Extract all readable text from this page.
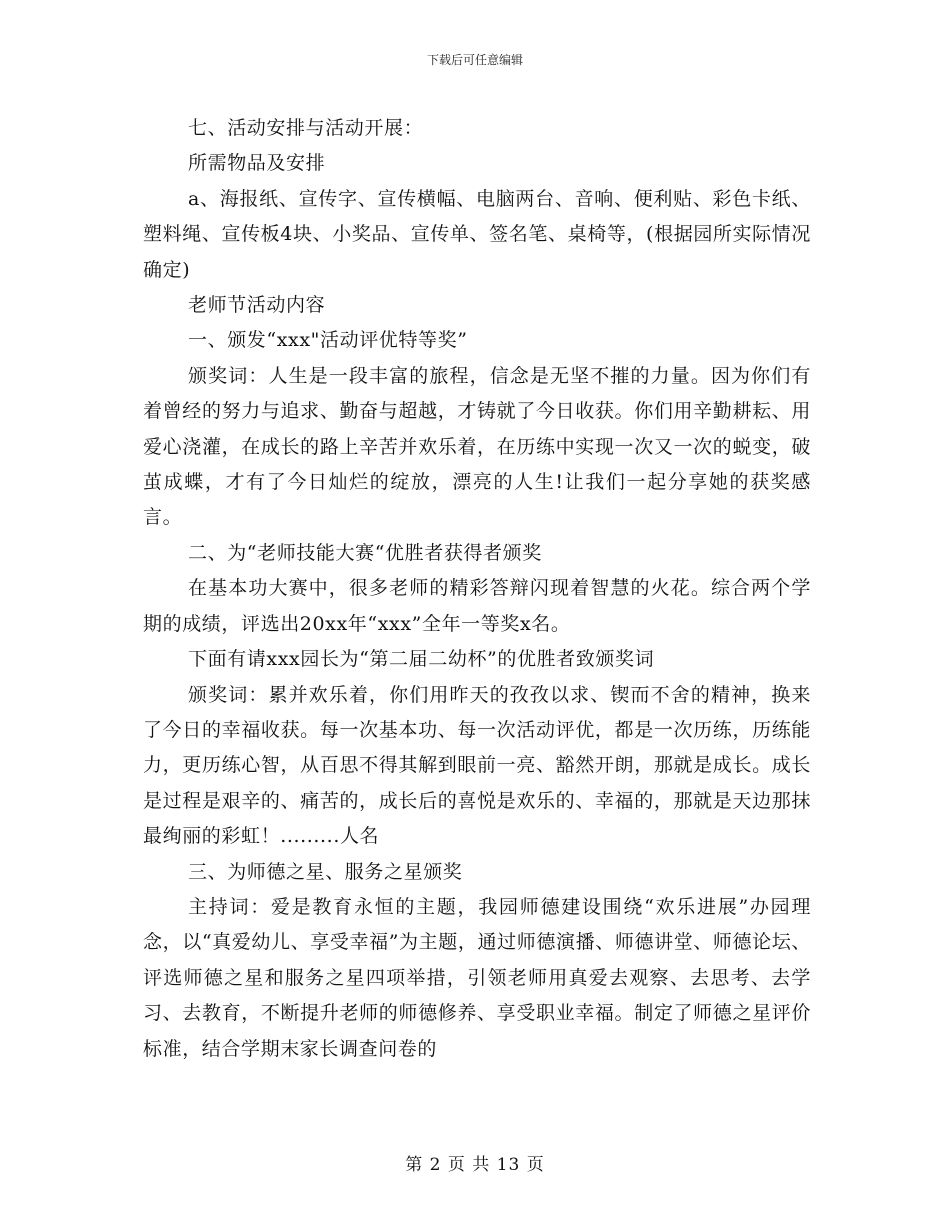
下载后可任意编辑

七、活动安排与活动开展：

所需物品及安排

a、海报纸、宣传字、宣传横幅、电脑两台、音响、便利贴、彩色卡纸、塑料绳、宣传板4块、小奖品、宣传单、签名笔、桌椅等，(根据园所实际情况确定)

老师节活动内容

一、颁发“xxx"活动评优特等奖”

颁奖词：人生是一段丰富的旅程，信念是无坚不摧的力量。因为你们有着曾经的努力与追求、勤奋与超越，才铸就了今日收获。你们用辛勤耕耘、用爱心浇灌，在成长的路上辛苦并欢乐着，在历练中实现一次又一次的蜕变，破茧成蝶，才有了今日灿烂的绽放，漂亮的人生!让我们一起分享她的获奖感言。

二、为“老师技能大赛“优胜者获得者颁奖

在基本功大赛中，很多老师的精彩答辩闪现着智慧的火花。综合两个学期的成绩，评选出20xx年“xxx”全年一等奖x名。

下面有请xxx园长为“第二届二幼杯”的优胜者致颁奖词

颁奖词：累并欢乐着，你们用昨天的孜孜以求、锲而不舍的精神，换来了今日的幸福收获。每一次基本功、每一次活动评优，都是一次历练，历练能力，更历练心智，从百思不得其解到眼前一亮、豁然开朗，那就是成长。成长是过程是艰辛的、痛苦的，成长后的喜悦是欢乐的、幸福的，那就是天边那抹最绚丽的彩虹！.........人名

三、为师德之星、服务之星颁奖

主持词：爱是教育永恒的主题，我园师德建设围绕“欢乐进展”办园理念，以“真爱幼儿、享受幸福”为主题，通过师德演播、师德讲堂、师德论坛、评选师德之星和服务之星四项举措，引领老师用真爱去观察、去思考、去学习、去教育，不断提升老师的师德修养、享受职业幸福。制定了师德之星评价标准，结合学期末家长调查问卷的

第 2 页 共 13 页
